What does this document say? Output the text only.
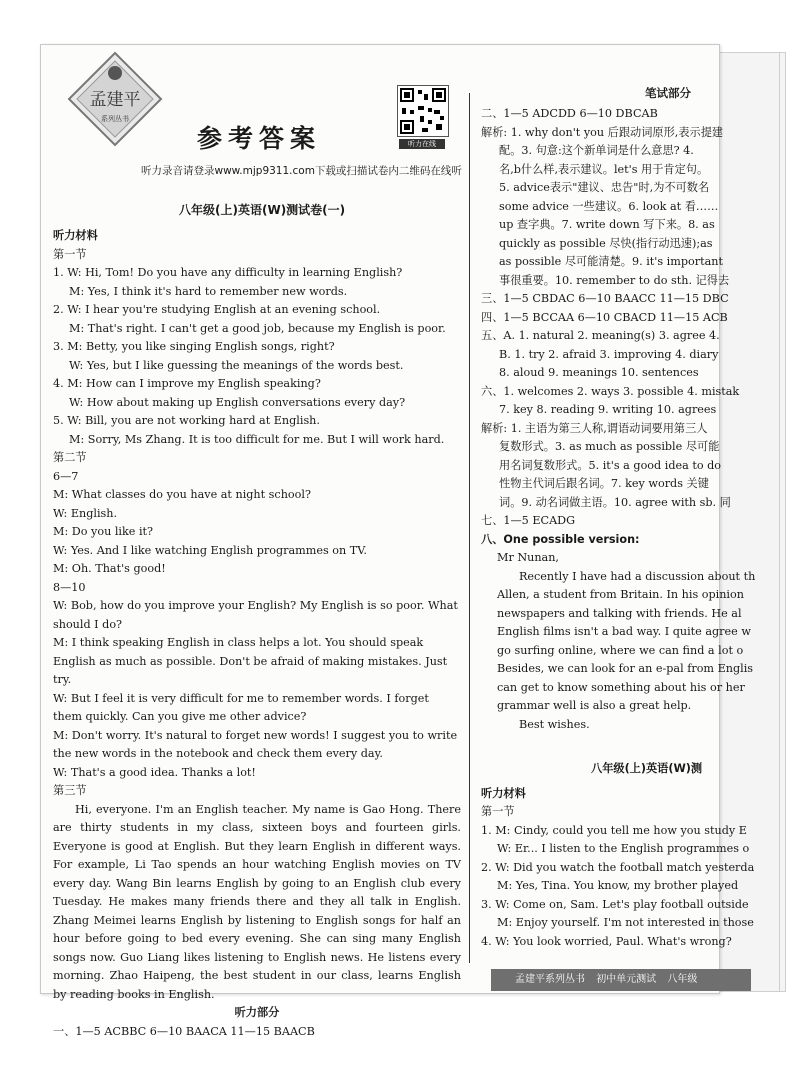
孟建平
系列丛书
参考答案	听力在线
听力录音请登录www.mjp9311.com下载或扫描试卷内二维码在线听
笔试部分
八年级(上)英语(W)测试卷(一)
听力材料
第一节
1. W: Hi, Tom! Do you have any difficulty in learning English?
M: Yes, I think it's hard to remember new words.
2. W: I hear you're studying English at an evening school.
M: That's right. I can't get a good job, because my English is poor.
3. M: Betty, you like singing English songs, right?
W: Yes, but I like guessing the meanings of the words best.
4. M: How can I improve my English speaking?
W: How about making up English conversations every day?
5. W: Bill, you are not working hard at English.
M: Sorry, Ms Zhang. It is too difficult for me. But I will work hard.
第二节
6—7
M: What classes do you have at night school?
W: English.
M: Do you like it?
W: Yes. And I like watching English programmes on TV.
M: Oh. That's good!
8—10
W: Bob, how do you improve your English? My English is so poor. What should I do?
M: I think speaking English in class helps a lot. You should speak English as much as possible. Don't be afraid of making mistakes. Just try.
W: But I feel it is very difficult for me to remember words. I forget them quickly. Can you give me other advice?
M: Don't worry. It's natural to forget new words! I suggest you to write the new words in the notebook and check them every day.
W: That's a good idea. Thanks a lot!
第三节
Hi, everyone. I'm an English teacher. My name is Gao Hong. There are thirty students in my class, sixteen boys and fourteen girls. Everyone is good at English. But they learn English in different ways. For example, Li Tao spends an hour watching English movies on TV every day. Wang Bin learns English by going to an English club every Tuesday. He makes many friends there and they all talk in English. Zhang Meimei learns English by listening to English songs for half an hour before going to bed every evening. She can sing many English songs now. Guo Liang likes listening to English news. He listens every morning. Zhao Haipeng, the best student in our class, learns English by reading books in English.
听力部分
一、1—5 ACBBC 6—10 BAACA 11—15 BAACB
二、1—5 ADCDD 6—10 DBCAB
解析: 1. why don't you 后跟动词原形,表示提建
配。3. 句意:这个新单词是什么意思? 4.
名,b什么样,表示建议。let's 用于肯定句。
5. advice表示"建议、忠告"时,为不可数名
some advice 一些建议。6. look at 看……
up 查字典。7. write down 写下来。8. as
quickly as possible 尽快(指行动迅速);as
as possible 尽可能清楚。9. it's important
事很重要。10. remember to do sth. 记得去
三、1—5 CBDAC 6—10 BAACC 11—15 DBC
四、1—5 BCCAA 6—10 CBACD 11—15 ACB
五、A. 1. natural 2. meaning(s) 3. agree 4.
B. 1. try 2. afraid 3. improving 4. diary
8. aloud 9. meanings 10. sentences
六、1. welcomes 2. ways 3. possible 4. mistak
7. key 8. reading 9. writing 10. agrees
解析: 1. 主语为第三人称,谓语动词要用第三人
复数形式。3. as much as possible 尽可能
用名词复数形式。5. it's a good idea to do
性物主代词后跟名词。7. key words 关键
词。9. 动名词做主语。10. agree with sb. 同
七、1—5 ECADG
八、One possible version:
Mr Nunan,
Recently I have had a discussion about th
Allen, a student from Britain. In his opinion
newspapers and talking with friends. He al
English films isn't a bad way. I quite agree w
go surfing online, where we can find a lot o
Besides, we can look for an e-pal from Englis
can get to know something about his or her
grammar well is also a great help.
Best wishes.
八年级(上)英语(W)测
听力材料
第一节
1. M: Cindy, could you tell me how you study E
W: Er... I listen to the English programmes o
2. W: Did you watch the football match yesterda
M: Yes, Tina. You know, my brother played
3. W: Come on, Sam. Let's play football outside
M: Enjoy yourself. I'm not interested in those
4. W: You look worried, Paul. What's wrong?
孟建平系列丛书 初中单元测试 八年级
